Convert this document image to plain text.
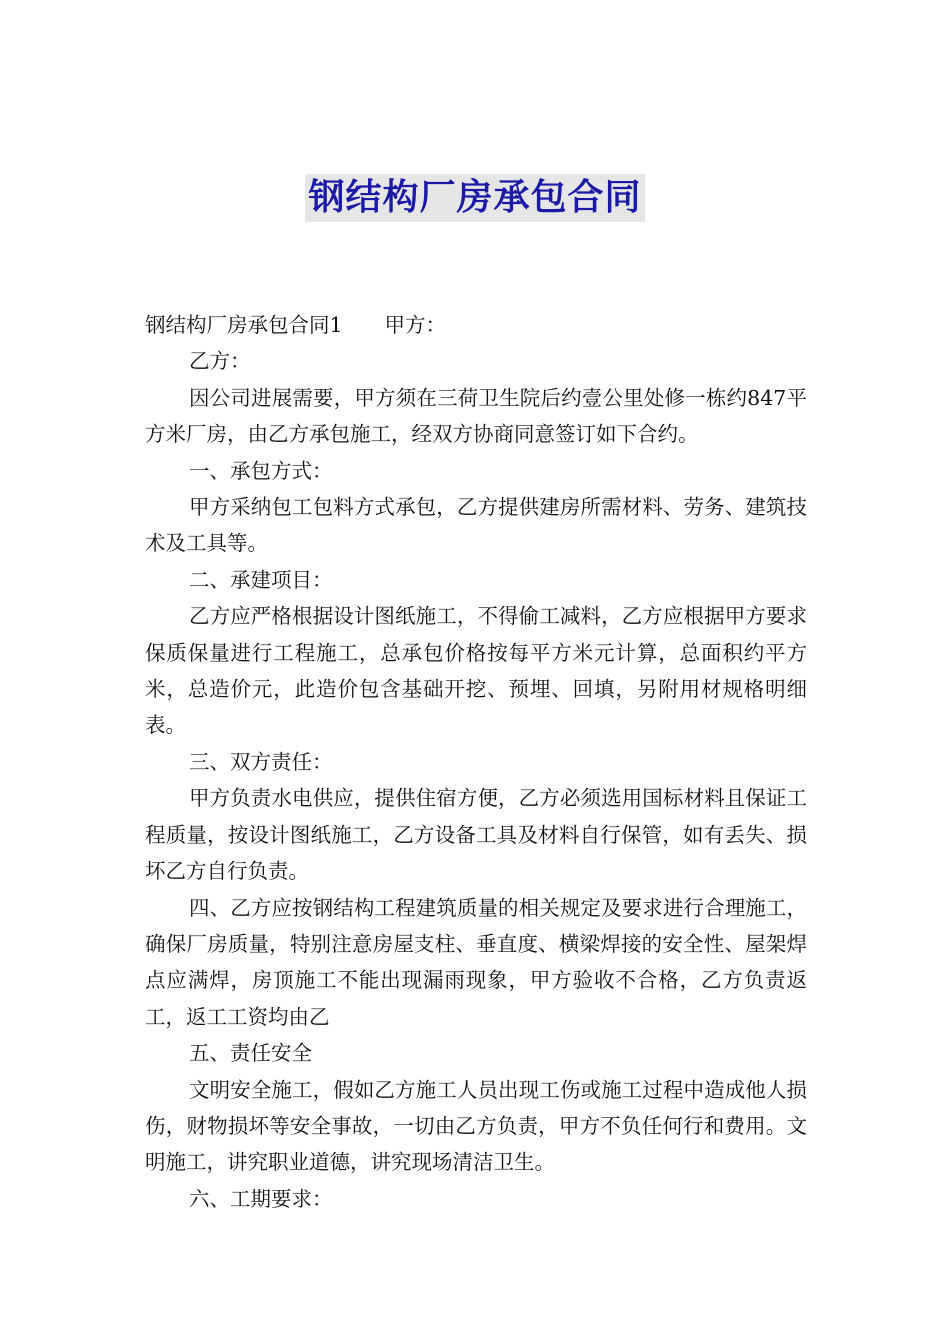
钢结构厂房承包合同

钢结构厂房承包合同1 甲方：

乙方：

因公司进展需要，甲方须在三荷卫生院后约壹公里处修一栋约847平方米厂房，由乙方承包施工，经双方协商同意签订如下合约。

一、承包方式：

甲方采纳包工包料方式承包，乙方提供建房所需材料、劳务、建筑技术及工具等。

二、承建项目：

乙方应严格根据设计图纸施工，不得偷工减料，乙方应根据甲方要求保质保量进行工程施工，总承包价格按每平方米元计算，总面积约平方米，总造价元，此造价包含基础开挖、预埋、回填，另附用材规格明细表。

三、双方责任：

甲方负责水电供应，提供住宿方便，乙方必须选用国标材料且保证工程质量，按设计图纸施工，乙方设备工具及材料自行保管，如有丢失、损坏乙方自行负责。

四、乙方应按钢结构工程建筑质量的相关规定及要求进行合理施工，确保厂房质量，特别注意房屋支柱、垂直度、横梁焊接的安全性、屋架焊点应满焊，房顶施工不能出现漏雨现象，甲方验收不合格，乙方负责返工，返工工资均由乙

五、责任安全

文明安全施工，假如乙方施工人员出现工伤或施工过程中造成他人损伤，财物损坏等安全事故，一切由乙方负责，甲方不负任何行和费用。文明施工，讲究职业道德，讲究现场清洁卫生。

六、工期要求：
